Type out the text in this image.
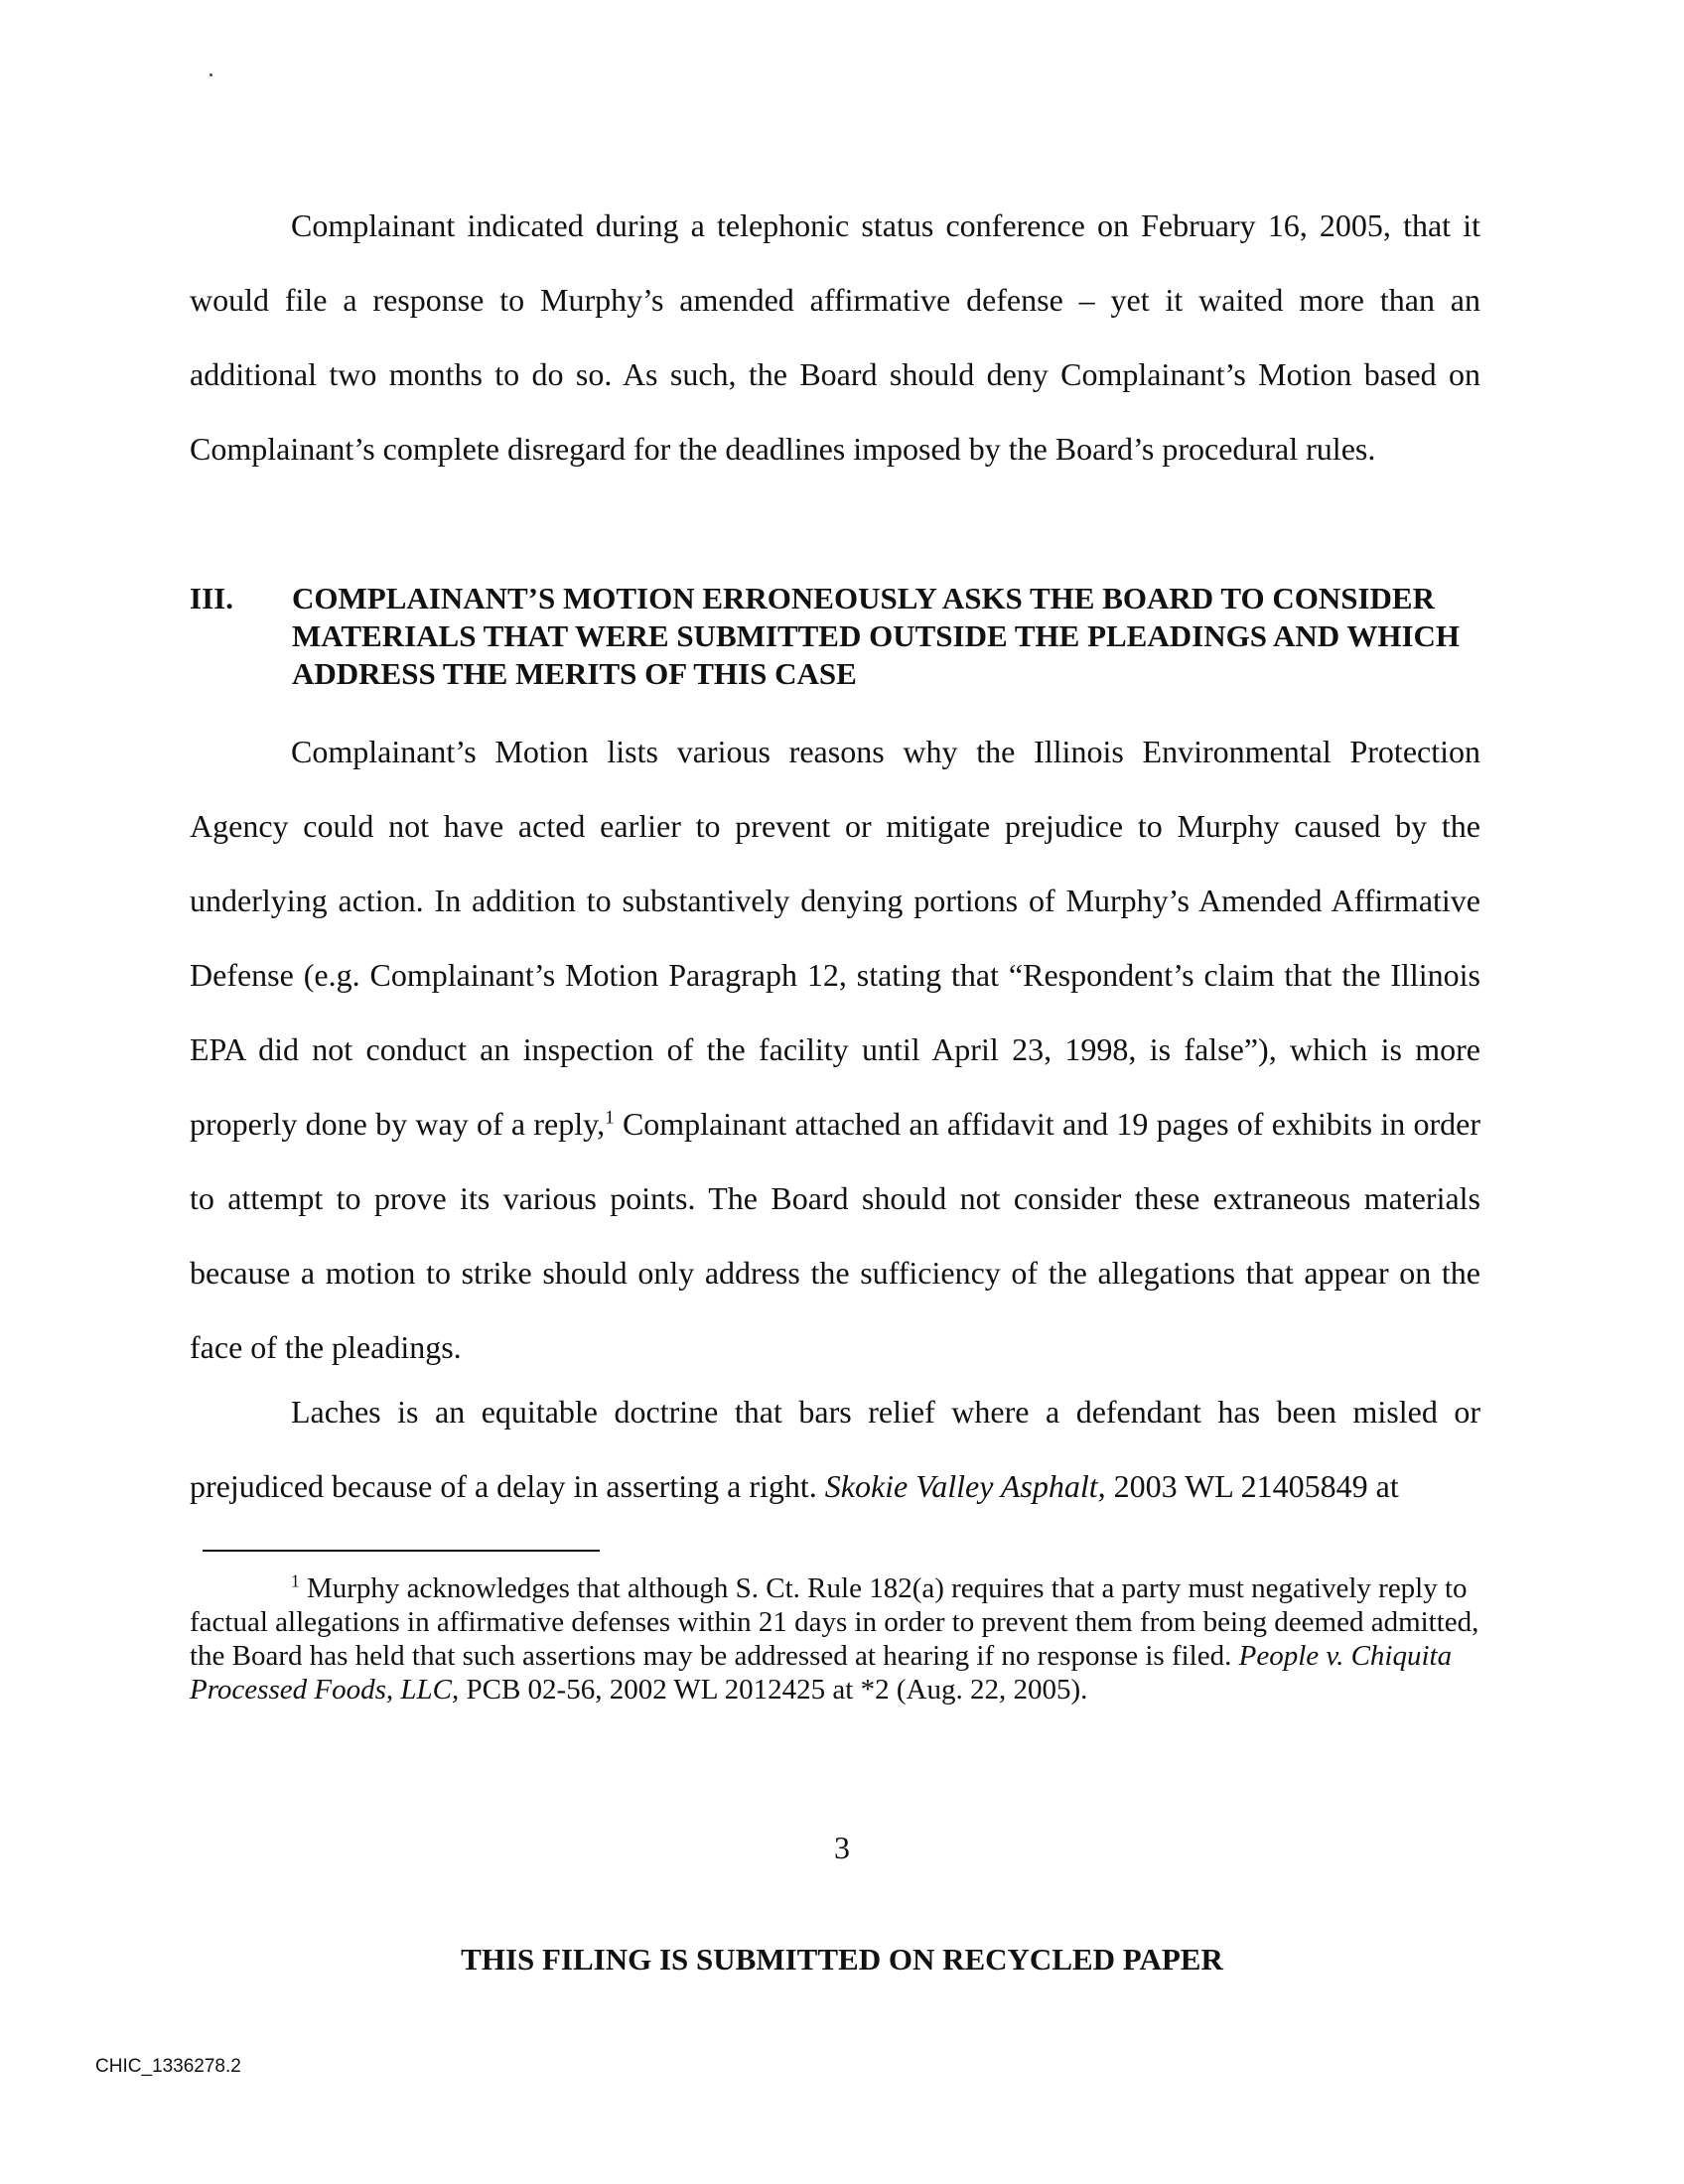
Complainant indicated during a telephonic status conference on February 16, 2005, that it would file a response to Murphy’s amended affirmative defense – yet it waited more than an additional two months to do so. As such, the Board should deny Complainant’s Motion based on Complainant’s complete disregard for the deadlines imposed by the Board’s procedural rules.

III.	COMPLAINANT’S MOTION ERRONEOUSLY ASKS THE BOARD TO CONSIDER MATERIALS THAT WERE SUBMITTED OUTSIDE THE PLEADINGS AND WHICH ADDRESS THE MERITS OF THIS CASE

Complainant’s Motion lists various reasons why the Illinois Environmental Protection Agency could not have acted earlier to prevent or mitigate prejudice to Murphy caused by the underlying action. In addition to substantively denying portions of Murphy’s Amended Affirmative Defense (e.g. Complainant’s Motion Paragraph 12, stating that “Respondent’s claim that the Illinois EPA did not conduct an inspection of the facility until April 23, 1998, is false”), which is more properly done by way of a reply,$^1$ Complainant attached an affidavit and 19 pages of exhibits in order to attempt to prove its various points. The Board should not consider these extraneous materials because a motion to strike should only address the sufficiency of the allegations that appear on the face of the pleadings.

Laches is an equitable doctrine that bars relief where a defendant has been misled or prejudiced because of a delay in asserting a right. Skokie Valley Asphalt, 2003 WL 21405849 at

$^1$ Murphy acknowledges that although S. Ct. Rule 182(a) requires that a party must negatively reply to factual allegations in affirmative defenses within 21 days in order to prevent them from being deemed admitted, the Board has held that such assertions may be addressed at hearing if no response is filed. People v. Chiquita Processed Foods, LLC, PCB 02-56, 2002 WL 2012425 at *2 (Aug. 22, 2005).

3
THIS FILING IS SUBMITTED ON RECYCLED PAPER
CHIC_1336278.2
